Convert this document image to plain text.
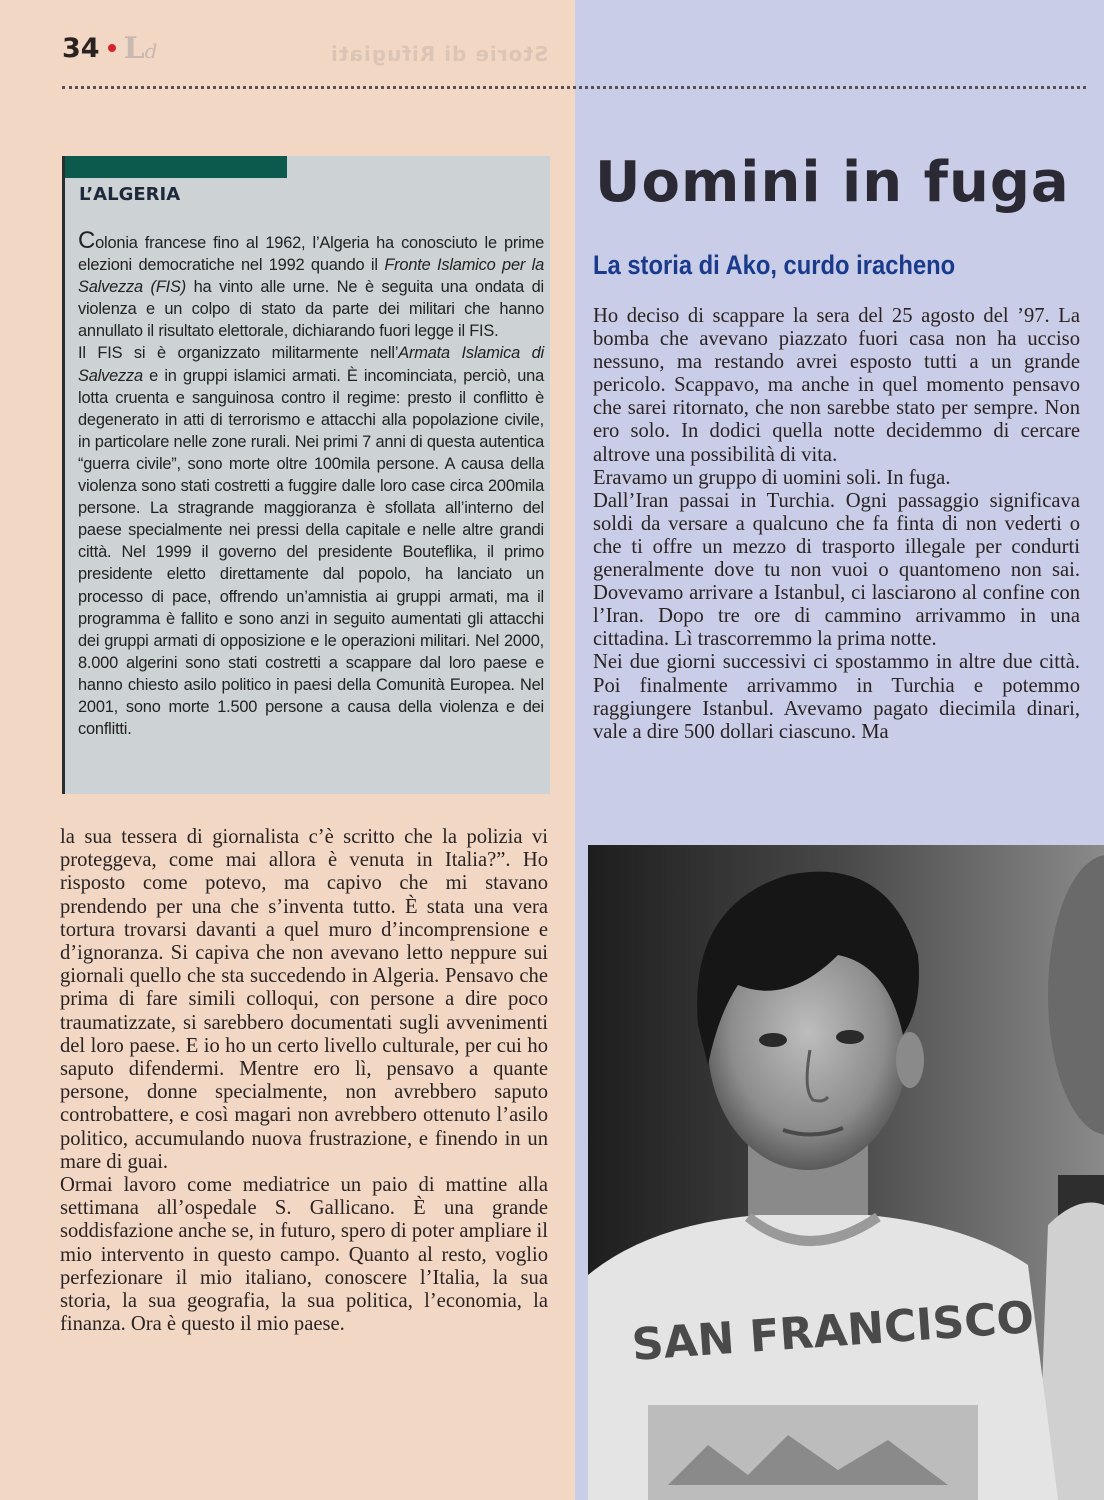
34 Ld	Storie di Rifugiati
L’ALGERIA

Colonia francese fino al 1962, l’Algeria ha conosciuto le prime elezioni democratiche nel 1992 quando il Fronte Islamico per la Salvezza (FIS) ha vinto alle urne. Ne è seguita una ondata di violenza e un colpo di stato da parte dei militari che hanno annullato il risultato elettorale, dichiarando fuori legge il FIS.

Il FIS si è organizzato militarmente nell’Armata Islamica di Salvezza e in gruppi islamici armati. È incominciata, perciò, una lotta cruenta e sanguinosa contro il regime: presto il conflitto è degenerato in atti di terrorismo e attacchi alla popolazione civile, in particolare nelle zone rurali. Nei primi 7 anni di questa autentica “guerra civile”, sono morte oltre 100mila persone. A causa della violenza sono stati costretti a fuggire dalle loro case circa 200mila persone. La stragrande maggioranza è sfollata all’interno del paese specialmente nei pressi della capitale e nelle altre grandi città. Nel 1999 il governo del presidente Bouteflika, il primo presidente eletto direttamente dal popolo, ha lanciato un processo di pace, offrendo un’amnistia ai gruppi armati, ma il programma è fallito e sono anzi in seguito aumentati gli attacchi dei gruppi armati di opposizione e le operazioni militari. Nel 2000, 8.000 algerini sono stati costretti a scappare dal loro paese e hanno chiesto asilo politico in paesi della Comunità Europea. Nel 2001, sono morte 1.500 persone a causa della violenza e dei conflitti.

la sua tessera di giornalista c’è scritto che la polizia vi proteggeva, come mai allora è venuta in Italia?”. Ho risposto come potevo, ma capivo che mi stavano prendendo per una che s’inventa tutto. È stata una vera tortura trovarsi davanti a quel muro d’incomprensione e d’ignoranza. Si capiva che non avevano letto neppure sui giornali quello che sta succedendo in Algeria. Pensavo che prima di fare simili colloqui, con persone a dire poco traumatizzate, si sarebbero documentati sugli avvenimenti del loro paese. E io ho un certo livello culturale, per cui ho saputo difendermi. Mentre ero lì, pensavo a quante persone, donne specialmente, non avrebbero saputo controbattere, e così magari non avrebbero ottenuto l’asilo politico, accumulando nuova frustrazione, e finendo in un mare di guai.

Ormai lavoro come mediatrice un paio di mattine alla settimana all’ospedale S. Gallicano. È una grande soddisfazione anche se, in futuro, spero di poter ampliare il mio intervento in questo campo. Quanto al resto, voglio perfezionare il mio italiano, conoscere l’Italia, la sua storia, la sua geografia, la sua politica, l’economia, la finanza. Ora è questo il mio paese.

Uomini in fuga
La storia di Ako, curdo iracheno

Ho deciso di scappare la sera del 25 agosto del ’97. La bomba che avevano piazzato fuori casa non ha ucciso nessuno, ma restando avrei esposto tutti a un grande pericolo. Scappavo, ma anche in quel momento pensavo che sarei ritornato, che non sarebbe stato per sempre. Non ero solo. In dodici quella notte decidemmo di cercare altrove una possibilità di vita.

Eravamo un gruppo di uomini soli. In fuga.

Dall’Iran passai in Turchia. Ogni passaggio significava soldi da versare a qualcuno che fa finta di non vederti o che ti offre un mezzo di trasporto illegale per condurti generalmente dove tu non vuoi o quantomeno non sai. Dovevamo arrivare a Istanbul, ci lasciarono al confine con l’Iran. Dopo tre ore di cammino arrivammo in una cittadina. Lì trascorremmo la prima notte.

Nei due giorni successivi ci spostammo in altre due città. Poi finalmente arrivammo in Turchia e potemmo raggiungere Istanbul. Avevamo pagato diecimila dinari, vale a dire 500 dollari ciascuno. Ma

SAN FRANCISCO
